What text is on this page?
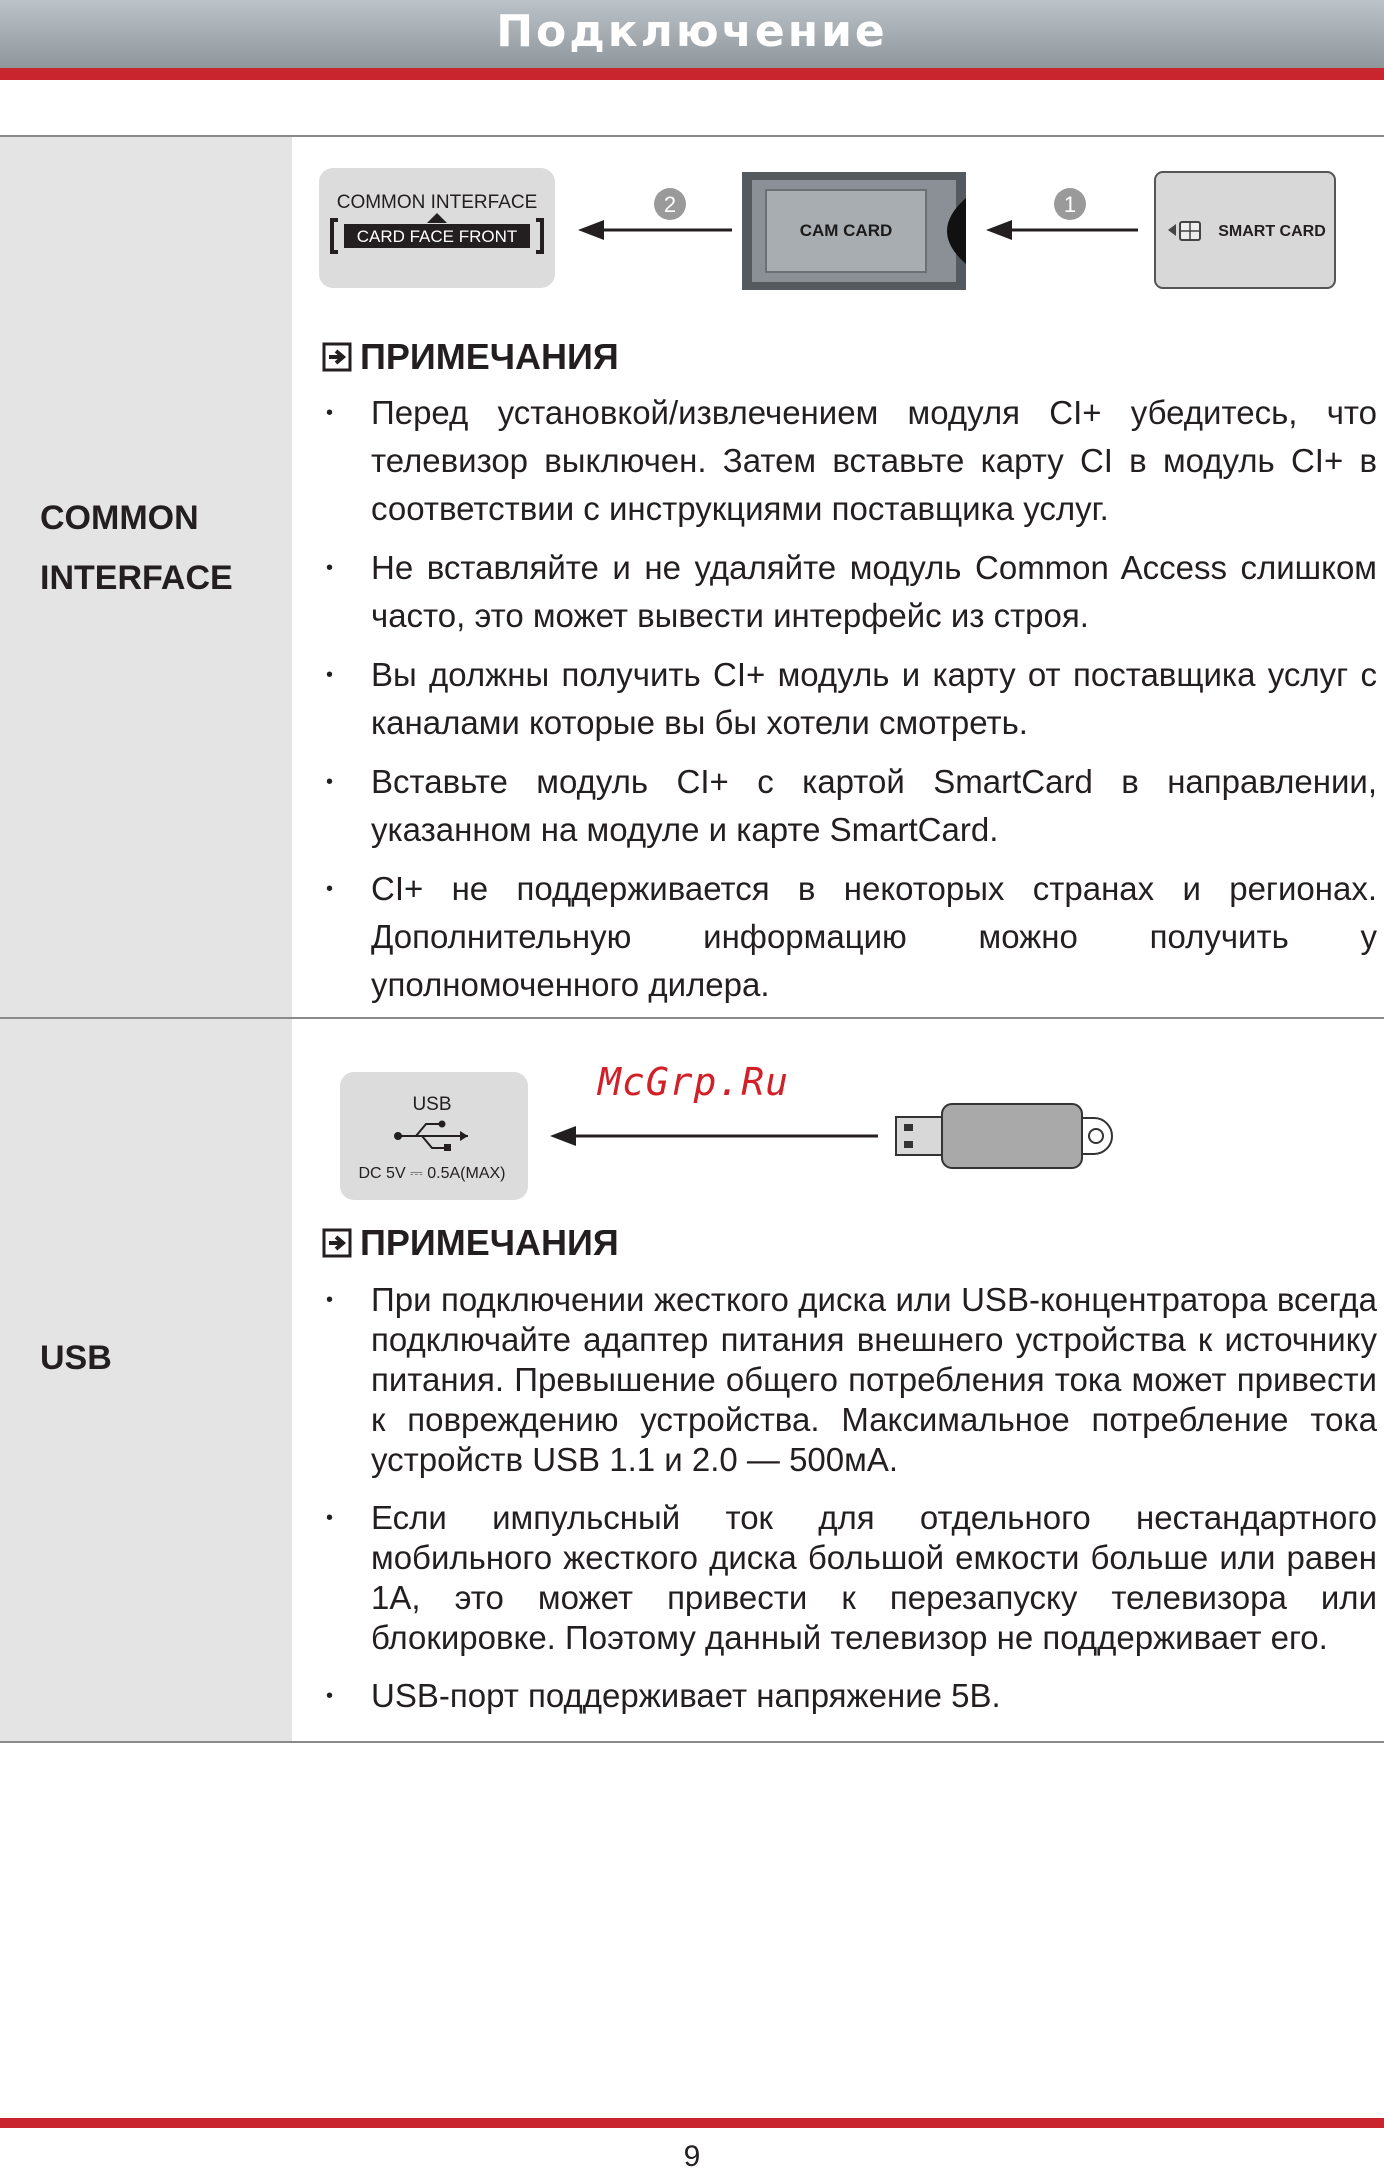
Подключение
COMMON
INTERFACE
COMMON INTERFACE
CARD FACE FRONT
2
CAM CARD
1
SMART CARD
ПРИМЕЧАНИЯ
• Перед установкой/извлечением модуля CI+ убедитесь, что телевизор выключен. Затем вставьте карту CI в модуль CI+ в соответствии с инструкциями поставщика услуг.
• Не вставляйте и не удаляйте модуль Common Access слишком часто, это может вывести интерфейс из строя.
• Вы должны получить CI+ модуль и карту от поставщика услуг с каналами которые вы бы хотели смотреть.
• Вставьте модуль CI+ с картой SmartCard в направлении, указанном на модуле и карте SmartCard.
• CI+ не поддерживается в некоторых странах и регионах. Дополнительную информацию можно получить у уполномоченного дилера.
USB
USB
DC 5V ⎓ 0.5A(MAX)
McGrp.Ru
ПРИМЕЧАНИЯ
• При подключении жесткого диска или USB-концентратора всегда подключайте адаптер питания внешнего устройства к источнику питания. Превышение общего потребления тока может привести к повреждению устройства. Максимальное потребление тока устройств USB 1.1 и 2.0 — 500мА.
• Если импульсный ток для отдельного нестандартного мобильного жесткого диска большой емкости больше или равен 1А, это может привести к перезапуску телевизора или блокировке. Поэтому данный телевизор не поддерживает его.
• USB-порт поддерживает напряжение 5В.
9
